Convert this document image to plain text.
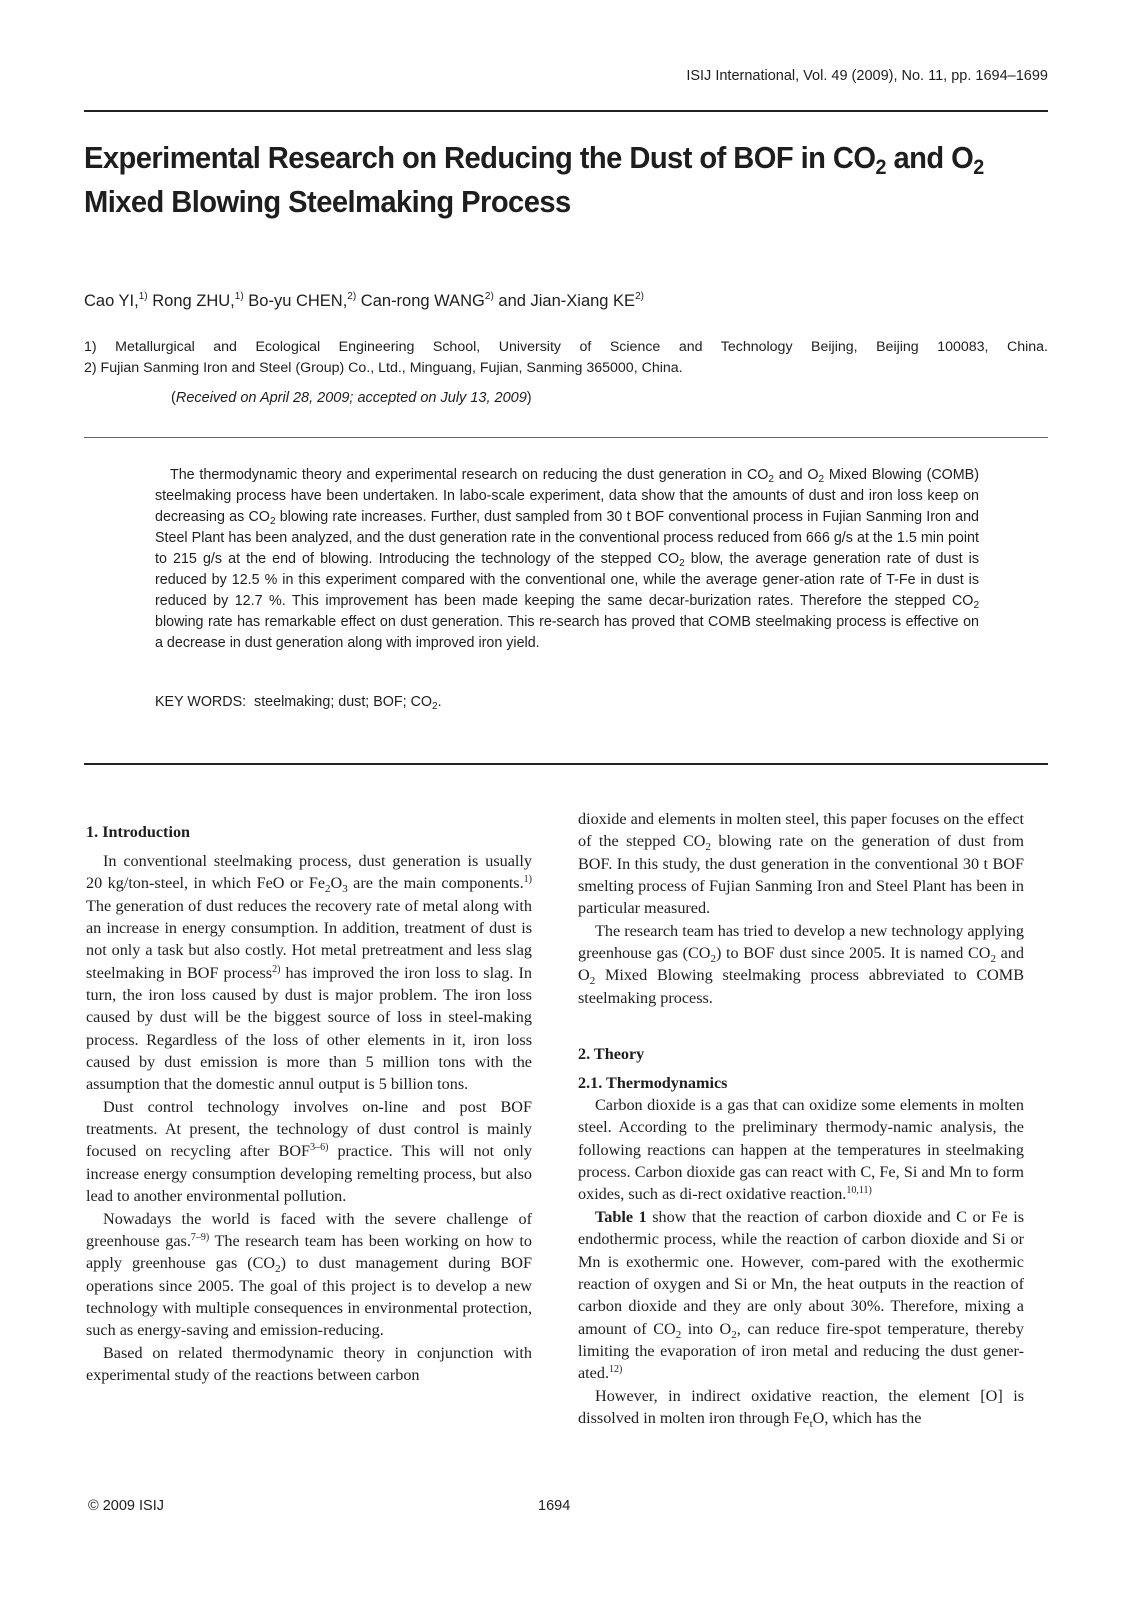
ISIJ International, Vol. 49 (2009), No. 11, pp. 1694–1699
Experimental Research on Reducing the Dust of BOF in $CO_2$ and $O_2$ Mixed Blowing Steelmaking Process
Cao YI,$^{1)}$ Rong ZHU,$^{1)}$ Bo-yu CHEN,$^{2)}$ Can-rong WANG$^{2)}$ and Jian-Xiang KE$^{2)}$
1) Metallurgical and Ecological Engineering School, University of Science and Technology Beijing, Beijing 100083, China.
2) Fujian Sanming Iron and Steel (Group) Co., Ltd., Minguang, Fujian, Sanming 365000, China.
(Received on April 28, 2009; accepted on July 13, 2009)

The thermodynamic theory and experimental research on reducing the dust generation in $CO_2$ and $O_2$ Mixed Blowing (COMB) steelmaking process have been undertaken. In labo-scale experiment, data show that the amounts of dust and iron loss keep on decreasing as $CO_2$ blowing rate increases. Further, dust sampled from 30 t BOF conventional process in Fujian Sanming Iron and Steel Plant has been analyzed, and the dust generation rate in the conventional process reduced from 666 g/s at the 1.5 min point to 215 g/s at the end of blowing. Introducing the technology of the stepped $CO_2$ blow, the average generation rate of dust is reduced by 12.5 % in this experiment compared with the conventional one, while the average gener-ation rate of T-Fe in dust is reduced by 12.7 %. This improvement has been made keeping the same decar-burization rates. Therefore the stepped $CO_2$ blowing rate has remarkable effect on dust generation. This re-search has proved that COMB steelmaking process is effective on a decrease in dust generation along with improved iron yield.

KEY WORDS: steelmaking; dust; BOF; $CO_2$.
1. Introduction

In conventional steelmaking process, dust generation is usually 20 kg/ton-steel, in which FeO or $Fe_2O_3$ are the main components.$^{1)}$ The generation of dust reduces the recovery rate of metal along with an increase in energy consumption. In addition, treatment of dust is not only a task but also costly. Hot metal pretreatment and less slag steelmaking in BOF process$^{2)}$ has improved the iron loss to slag. In turn, the iron loss caused by dust is major problem. The iron loss caused by dust will be the biggest source of loss in steel-making process. Regardless of the loss of other elements in it, iron loss caused by dust emission is more than 5 million tons with the assumption that the domestic annul output is 5 billion tons.

Dust control technology involves on-line and post BOF treatments. At present, the technology of dust control is mainly focused on recycling after BOF$^{3-6)}$ practice. This will not only increase energy consumption developing remelting process, but also lead to another environmental pollution.

Nowadays the world is faced with the severe challenge of greenhouse gas.$^{7-9)}$ The research team has been working on how to apply greenhouse gas $(CO_2)$ to dust management during BOF operations since 2005. The goal of this project is to develop a new technology with multiple consequences in environmental protection, such as energy-saving and emission-reducing.

Based on related thermodynamic theory in conjunction with experimental study of the reactions between carbon

dioxide and elements in molten steel, this paper focuses on the effect of the stepped $CO_2$ blowing rate on the generation of dust from BOF. In this study, the dust generation in the conventional 30 t BOF smelting process of Fujian Sanming Iron and Steel Plant has been in particular measured.

The research team has tried to develop a new technology applying greenhouse gas $(CO_2)$ to BOF dust since 2005. It is named $CO_2$ and $O_2$ Mixed Blowing steelmaking process abbreviated to COMB steelmaking process.

2. Theory
2.1. Thermodynamics

Carbon dioxide is a gas that can oxidize some elements in molten steel. According to the preliminary thermody-namic analysis, the following reactions can happen at the temperatures in steelmaking process. Carbon dioxide gas can react with C, Fe, Si and Mn to form oxides, such as di-rect oxidative reaction.$^{10,11)}$

Table 1 show that the reaction of carbon dioxide and C or Fe is endothermic process, while the reaction of carbon dioxide and Si or Mn is exothermic one. However, com-pared with the exothermic reaction of oxygen and Si or Mn, the heat outputs in the reaction of carbon dioxide and they are only about 30%. Therefore, mixing a amount of $CO_2$ into $O_2$, can reduce fire-spot temperature, thereby limiting the evaporation of iron metal and reducing the dust gener-ated.$^{12)}$

However, in indirect oxidative reaction, the element [O] is dissolved in molten iron through $Fe_tO$, which has the

© 2009 ISIJ	1694
